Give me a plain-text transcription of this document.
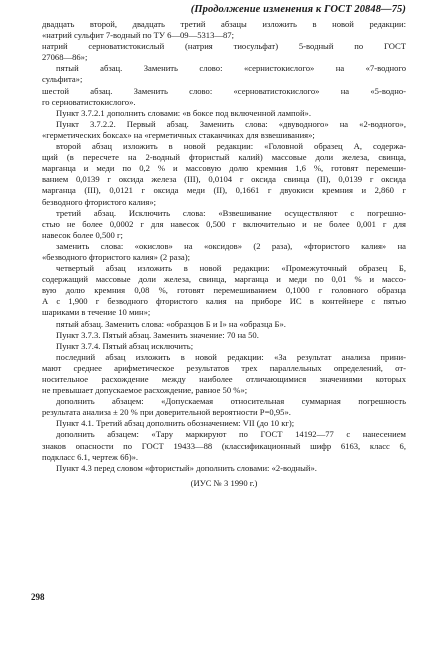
(Продолжение изменения к ГОСТ 20848—75)
двадцать второй, двадцать третий абзацы изложить в новой редакции:
«натрий сульфит 7-водный по ТУ 6—09—5313—87;
натрий серноватистокислый (натрия тиосульфат) 5-водный по ГОСТ
27068—86»;
пятый абзац. Заменить слово: «сернистокислого» на «7-водного
сульфита»;
шестой абзац. Заменить слово: «серноватистокислого» на «5-водно-
го серноватистокислого».
Пункт 3.7.2.1 дополнить словами: «в боксе под включенной лампой».
Пункт 3.7.2.2. Первый абзац. Заменить слова: «двуводного» на «2-водного»,
«герметических боксах» на «герметичных стаканчиках для взвешивания»;
второй абзац изложить в новой редакции: «Головной образец А, содержа-
щий (в пересчете на 2-водный фтористый калий) массовые доли железа, свинца,
марганца и меди по 0,2 % и массовую долю кремния 1,6 %, готовят перемеши-
ванием 0,0139 г оксида железа (III), 0,0104 г оксида свинца (II), 0,0139 г оксида
марганца (III), 0,0121 г оксида меди (II), 0,1661 г двуокиси кремния и 2,860 г
безводного фтористого калия»;
третий абзац. Исключить слова: «Взвешивание осуществляют с погрешно-
стью не более 0,0002 г для навесок 0,500 г включительно и не более 0,001 г для
навесок более 0,500 г;
заменить слова: «окислов» на «оксидов» (2 раза), «фтористого калия» на
«безводного фтористого калия» (2 раза);
четвертый абзац изложить в новой редакции: «Промежуточный образец Б,
содержащий массовые доли железа, свинца, марганца и меди по 0,01 % и массо-
вую долю кремния 0,08 %, готовят перемешиванием 0,1000 г головного образца
А с 1,900 г безводного фтористого калия на приборе ИС в контейнере с пятью
шариками в течение 10 мин»;
пятый абзац. Заменить слова: «образцов Б и I» на «образца Б».
Пункт 3.7.3. Пятый абзац. Заменить значение: 70 на 50.
Пункт 3.7.4. Пятый абзац исключить;
последний абзац изложить в новой редакции: «За результат анализа прини-
мают среднее арифметическое результатов трех параллельных определений, от-
носительное расхождение между наиболее отличающимися значениями которых
не превышает допускаемое расхождение, равное 50 %»;
дополнить абзацем: «Допускаемая относительная суммарная погрешность
результата анализа ± 20 % при доверительной вероятности P=0,95».
Пункт 4.1. Третий абзац дополнить обозначением: VII (до 10 кг);
дополнить абзацем: «Тару маркируют по ГОСТ 14192—77 с нанесением
знаков опасности по ГОСТ 19433—88 (классификационный шифр 6163, класс 6,
подкласс 6.1, чертеж 6б)».
Пункт 4.3 перед словом «фтористый» дополнить словами: «2-водный».
(ИУС № 3 1990 г.)
298
